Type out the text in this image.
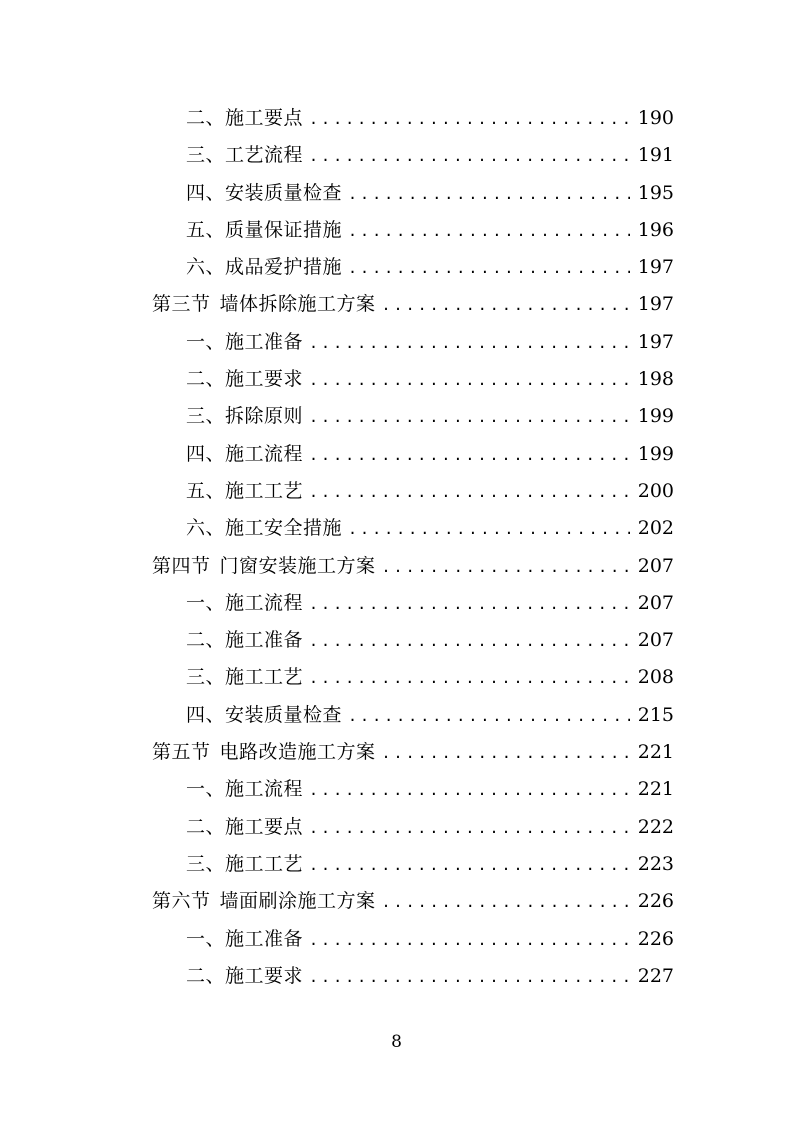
二、施工要点 .....	190
三、工艺流程 .....	191
四、安装质量检查 .....	195
五、质量保证措施 .....	196
六、成品爱护措施 .....	197
第三节 墙体拆除施工方案 .....	197
一、施工准备 .....	197
二、施工要求 .....	198
三、拆除原则 .....	199
四、施工流程 .....	199
五、施工工艺 .....	200
六、施工安全措施 .....	202
第四节 门窗安装施工方案 .....	207
一、施工流程 .....	207
二、施工准备 .....	207
三、施工工艺 .....	208
四、安装质量检查 .....	215
第五节 电路改造施工方案 .....	221
一、施工流程 .....	221
二、施工要点 .....	222
三、施工工艺 .....	223
第六节 墙面刷涂施工方案 .....	226
一、施工准备 .....	226
二、施工要求 .....	227
8
